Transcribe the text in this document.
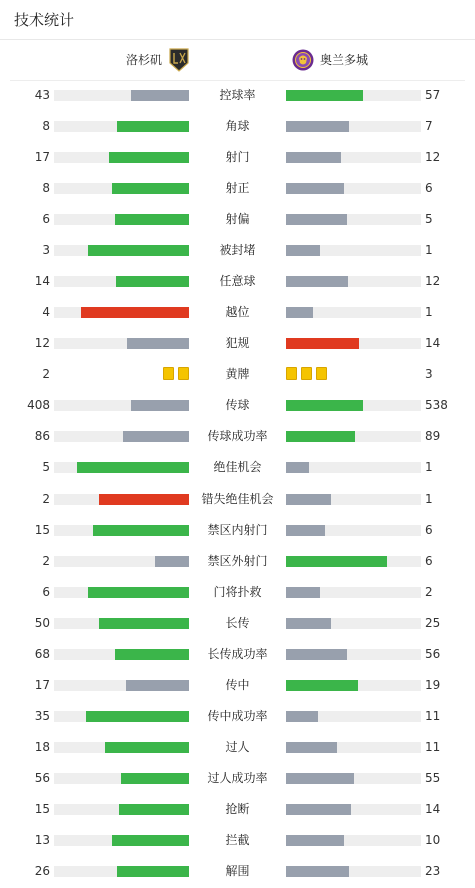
技术统计
洛杉矶	奥兰多城
43	控球率	57
8	角球	7
17	射门	12
8	射正	6
6	射偏	5
3	被封堵	1
14	任意球	12
4	越位	1
12	犯规	14
2	黄牌	3
408	传球	538
86	传球成功率	89
5	绝佳机会	1
2	错失绝佳机会	1
15	禁区内射门	6
2	禁区外射门	6
6	门将扑救	2
50	长传	25
68	长传成功率	56
17	传中	19
35	传中成功率	11
18	过人	11
56	过人成功率	55
15	抢断	14
13	拦截	10
26	解围	23
